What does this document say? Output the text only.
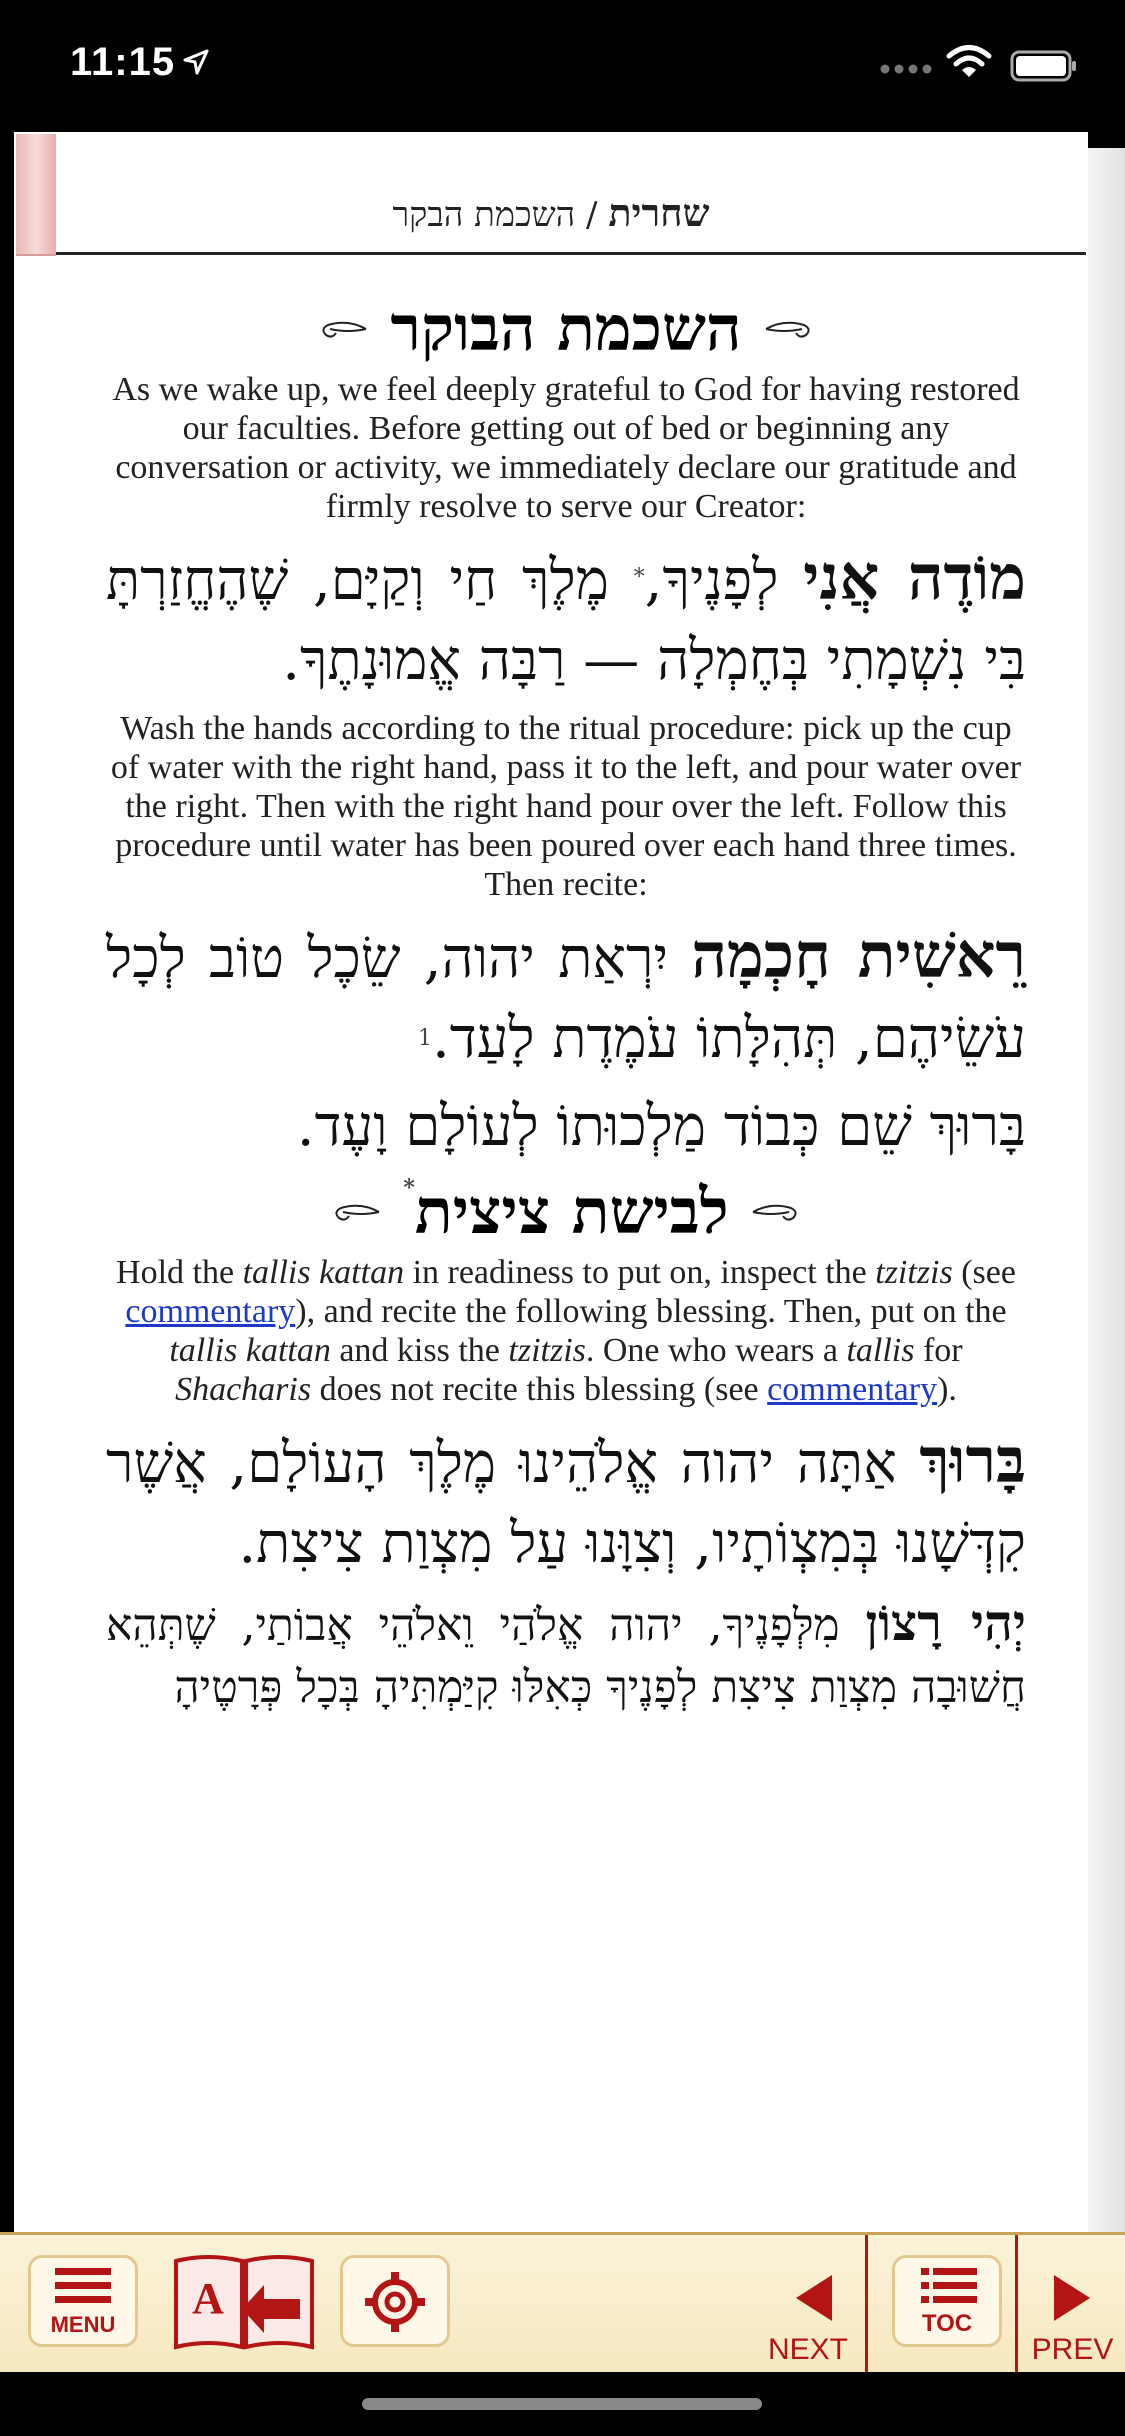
11:15
שחרית / השכמת הבקר
השכמת הבוקר

As we wake up, we feel deeply grateful to God for having restored our faculties. Before getting out of bed or beginning any conversation or activity, we immediately declare our gratitude and firmly resolve to serve our Creator:

מוֹדֶה אֲנִי לְפָנֶיךָ,* מֶלֶךְ חַי וְקַיָּם, שֶׁהֶחֱזַרְתָּ בִּי נִשְׁמָתִי בְּחֶמְלָה — רַבָּה אֱמוּנָתֶךָ.

Wash the hands according to the ritual procedure: pick up the cup of water with the right hand, pass it to the left, and pour water over the right. Then with the right hand pour over the left. Follow this procedure until water has been poured over each hand three times. Then recite:

רֵאשִׁית חָכְמָה יִרְאַת יהוה, שֵׂכֶל טוֹב לְכָל עֹשֵׂיהֶם, תְּהִלָּתוֹ עֹמֶדֶת לָעַד.$^1$

בָּרוּךְ שֵׁם כְּבוֹד מַלְכוּתוֹ לְעוֹלָם וָעֶד.

לבישת ציצית*

Hold the tallis kattan in readiness to put on, inspect the tzitzis (see commentary), and recite the following blessing. Then, put on the tallis kattan and kiss the tzitzis. One who wears a tallis for Shacharis does not recite this blessing (see commentary).

בָּרוּךְ אַתָּה יהוה אֱלֹהֵינוּ מֶלֶךְ הָעוֹלָם, אֲשֶׁר קִדְּשָׁנוּ בְּמִצְוֹתָיו, וְצִוָּנוּ עַל מִצְוַת צִיצִת.

יְהִי רָצוֹן מִלְּפָנֶיךָ, יהוה אֱלֹהַי וֵאלֹהֵי אֲבוֹתַי, שֶׁתְּהֵא חֲשׁוּבָה מִצְוַת צִיצִת לְפָנֶיךָ כְּאִלּוּ קִיַּמְתִּיהָ בְּכָל פְּרָטֶיהָ

MENU
A
NEXT
TOC
PREV
